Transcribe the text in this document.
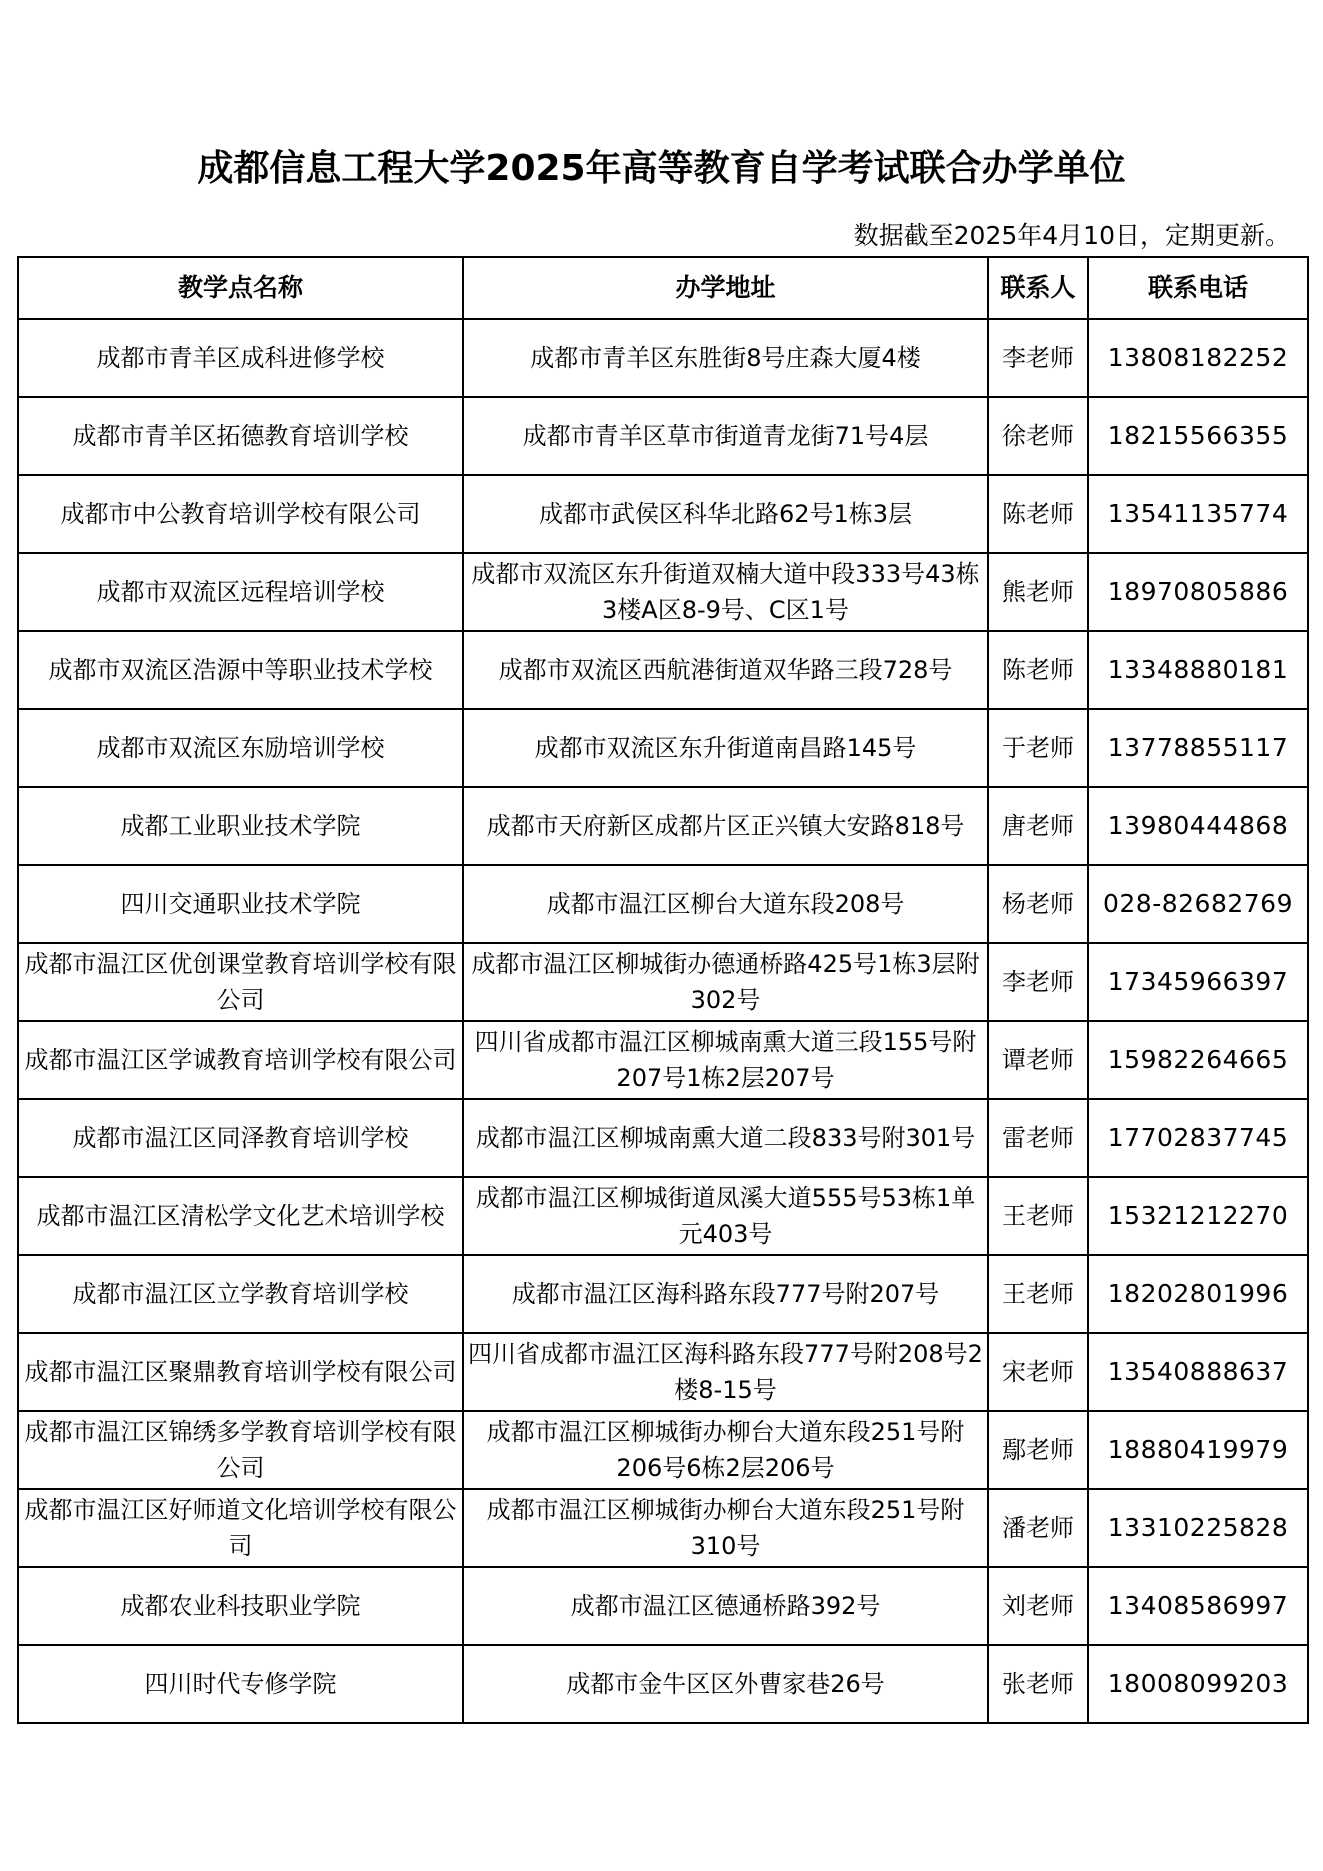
成都信息工程大学2025年高等教育自学考试联合办学单位
数据截至2025年4月10日，定期更新。
教学点名称	办学地址	联系人	联系电话
成都市青羊区成科进修学校	成都市青羊区东胜街8号庄森大厦4楼	李老师	13808182252
成都市青羊区拓德教育培训学校	成都市青羊区草市街道青龙街71号4层	徐老师	18215566355
成都市中公教育培训学校有限公司	成都市武侯区科华北路62号1栋3层	陈老师	13541135774
成都市双流区远程培训学校	成都市双流区东升街道双楠大道中段333号43栋3楼A区8-9号、C区1号	熊老师	18970805886
成都市双流区浩源中等职业技术学校	成都市双流区西航港街道双华路三段728号	陈老师	13348880181
成都市双流区东励培训学校	成都市双流区东升街道南昌路145号	于老师	13778855117
成都工业职业技术学院	成都市天府新区成都片区正兴镇大安路818号	唐老师	13980444868
四川交通职业技术学院	成都市温江区柳台大道东段208号	杨老师	028-82682769
成都市温江区优创课堂教育培训学校有限公司	成都市温江区柳城街办德通桥路425号1栋3层附302号	李老师	17345966397
成都市温江区学诚教育培训学校有限公司	四川省成都市温江区柳城南熏大道三段155号附207号1栋2层207号	谭老师	15982264665
成都市温江区同泽教育培训学校	成都市温江区柳城南熏大道二段833号附301号	雷老师	17702837745
成都市温江区清松学文化艺术培训学校	成都市温江区柳城街道凤溪大道555号53栋1单元403号	王老师	15321212270
成都市温江区立学教育培训学校	成都市温江区海科路东段777号附207号	王老师	18202801996
成都市温江区聚鼎教育培训学校有限公司	四川省成都市温江区海科路东段777号附208号2楼8-15号	宋老师	13540888637
成都市温江区锦绣多学教育培训学校有限公司	成都市温江区柳城街办柳台大道东段251号附206号6栋2层206号	鄢老师	18880419979
成都市温江区好师道文化培训学校有限公司	成都市温江区柳城街办柳台大道东段251号附310号	潘老师	13310225828
成都农业科技职业学院	成都市温江区德通桥路392号	刘老师	13408586997
四川时代专修学院	成都市金牛区区外曹家巷26号	张老师	18008099203
